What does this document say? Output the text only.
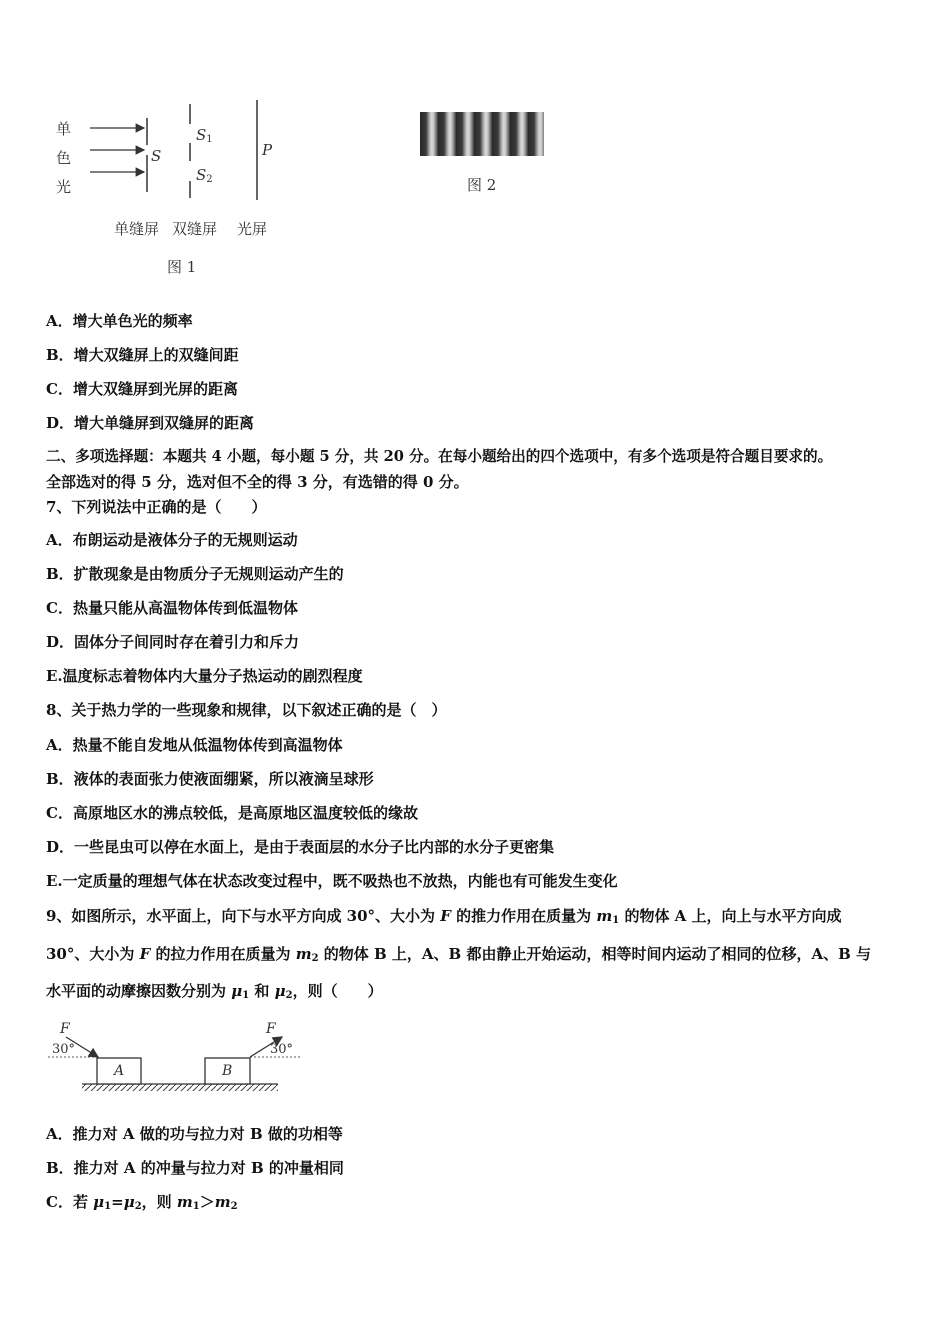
单
色
光
S
$S_1$
$S_2$
P
单缝屏 双缝屏 光屏
图 1
图 2
A．增大单色光的频率
B．增大双缝屏上的双缝间距
C．增大双缝屏到光屏的距离
D．增大单缝屏到双缝屏的距离
二、多项选择题：本题共 4 小题，每小题 5 分，共 20 分。在每小题给出的四个选项中，有多个选项是符合题目要求的。
全部选对的得 5 分，选对但不全的得 3 分，有选错的得 0 分。
7、下列说法中正确的是（　　）
A．布朗运动是液体分子的无规则运动
B．扩散现象是由物质分子无规则运动产生的
C．热量只能从高温物体传到低温物体
D．固体分子间同时存在着引力和斥力
E.温度标志着物体内大量分子热运动的剧烈程度
8、关于热力学的一些现象和规律，以下叙述正确的是（　）
A．热量不能自发地从低温物体传到高温物体
B．液体的表面张力使液面绷紧，所以液滴呈球形
C．高原地区水的沸点较低，是高原地区温度较低的缘故
D．一些昆虫可以停在水面上，是由于表面层的水分子比内部的水分子更密集
E.一定质量的理想气体在状态改变过程中，既不吸热也不放热，内能也有可能发生变化
9、如图所示，水平面上，向下与水平方向成 30°、大小为 F 的推力作用在质量为 $m_1$ 的物体 A 上，向上与水平方向成
30°、大小为 F 的拉力作用在质量为 $m_2$ 的物体 B 上，A、B 都由静止开始运动，相等时间内运动了相同的位移，A、B 与
水平面的动摩擦因数分别为 $\mu_1$ 和 $\mu_2$，则（　　）
F
30°
A	B
F
30°
A．推力对 A 做的功与拉力对 B 做的功相等
B．推力对 A 的冲量与拉力对 B 的冲量相同
C．若 $\mu_1=\mu_2$，则 $m_1>m_2$
